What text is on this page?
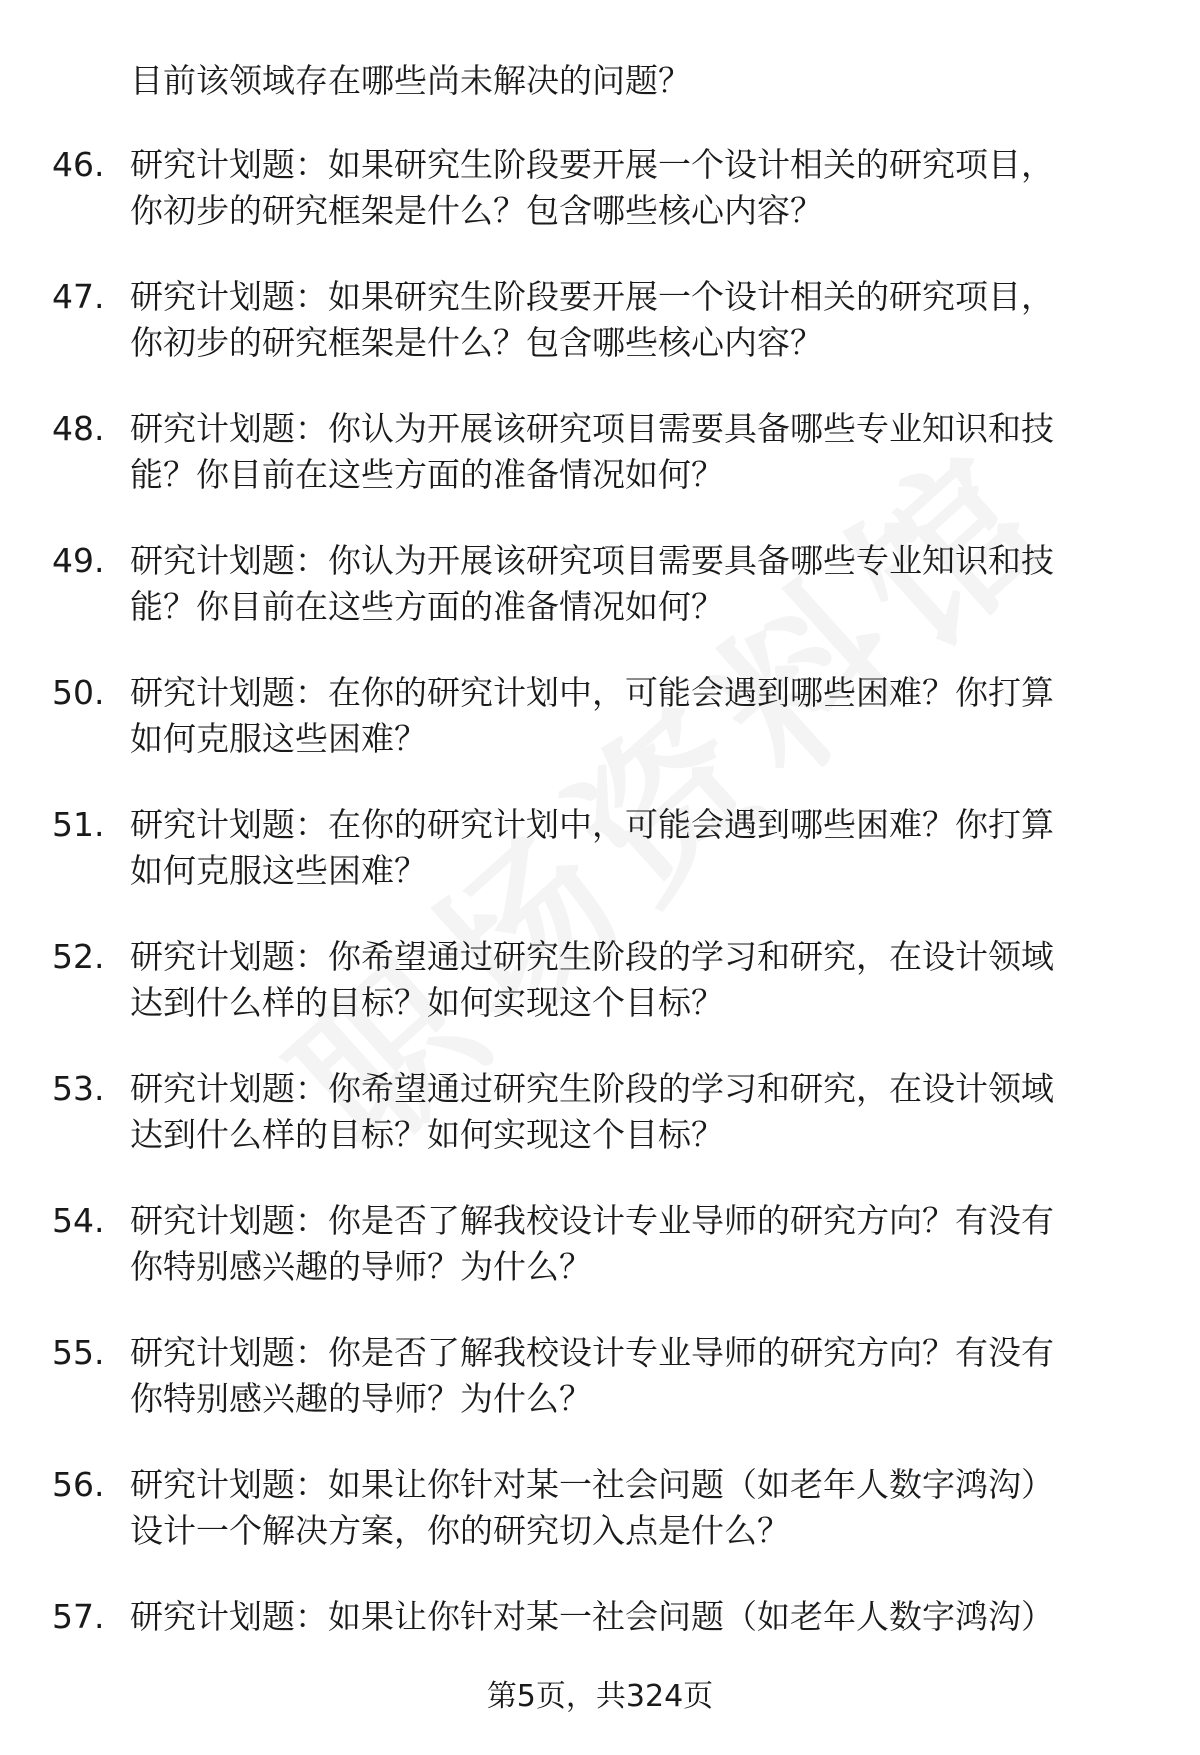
目前该领域存在哪些尚未解决的问题？
46. 研究计划题：如果研究生阶段要开展一个设计相关的研究项目，
你初步的研究框架是什么？包含哪些核心内容？
47. 研究计划题：如果研究生阶段要开展一个设计相关的研究项目，
你初步的研究框架是什么？包含哪些核心内容？
48. 研究计划题：你认为开展该研究项目需要具备哪些专业知识和技
能？你目前在这些方面的准备情况如何？
49. 研究计划题：你认为开展该研究项目需要具备哪些专业知识和技
能？你目前在这些方面的准备情况如何？
50. 研究计划题：在你的研究计划中，可能会遇到哪些困难？你打算
如何克服这些困难？
51. 研究计划题：在你的研究计划中，可能会遇到哪些困难？你打算
如何克服这些困难？
52. 研究计划题：你希望通过研究生阶段的学习和研究，在设计领域
达到什么样的目标？如何实现这个目标？
53. 研究计划题：你希望通过研究生阶段的学习和研究，在设计领域
达到什么样的目标？如何实现这个目标？
54. 研究计划题：你是否了解我校设计专业导师的研究方向？有没有
你特别感兴趣的导师？为什么？
55. 研究计划题：你是否了解我校设计专业导师的研究方向？有没有
你特别感兴趣的导师？为什么？
56. 研究计划题：如果让你针对某一社会问题（如老年人数字鸿沟）
设计一个解决方案，你的研究切入点是什么？
57. 研究计划题：如果让你针对某一社会问题（如老年人数字鸿沟）
第5页，共324页
